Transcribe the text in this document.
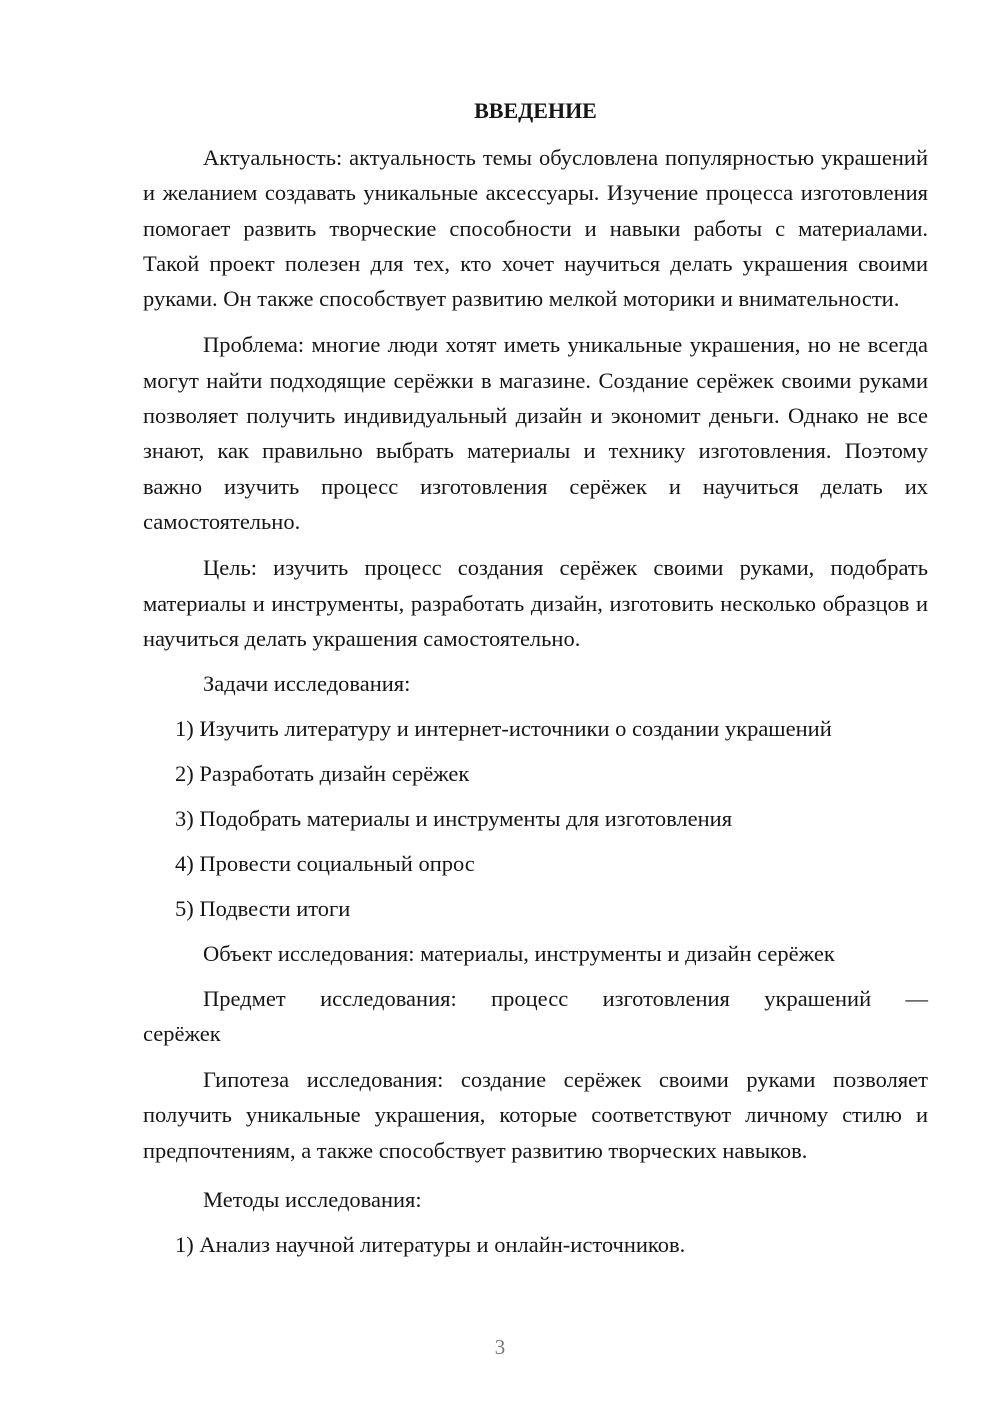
ВВЕДЕНИЕ

Актуальность: актуальность темы обусловлена популярностью украшений и желанием создавать уникальные аксессуары. Изучение процесса изготовления помогает развить творческие способности и навыки работы с материалами. Такой проект полезен для тех, кто хочет научиться делать украшения своими руками. Он также способствует развитию мелкой моторики и внимательности.

Проблема: многие люди хотят иметь уникальные украшения, но не всегда могут найти подходящие серёжки в магазине. Создание серёжек своими руками позволяет получить индивидуальный дизайн и экономит деньги. Однако не все знают, как правильно выбрать материалы и технику изготовления. Поэтому важно изучить процесс изготовления серёжек и научиться делать их самостоятельно.

Цель: изучить процесс создания серёжек своими руками, подобрать материалы и инструменты, разработать дизайн, изготовить несколько образцов и научиться делать украшения самостоятельно.

Задачи исследования:
1) Изучить литературу и интернет-источники о создании украшений
2) Разработать дизайн серёжек
3) Подобрать материалы и инструменты для изготовления
4) Провести социальный опрос
5) Подвести итоги
Объект исследования: материалы, инструменты и дизайн серёжек
Предмет исследования: процесс изготовления украшений —
серёжек

Гипотеза исследования: создание серёжек своими руками позволяет получить уникальные украшения, которые соответствуют личному стилю и предпочтениям, а также способствует развитию творческих навыков.

Методы исследования:
1) Анализ научной литературы и онлайн-источников.
3
